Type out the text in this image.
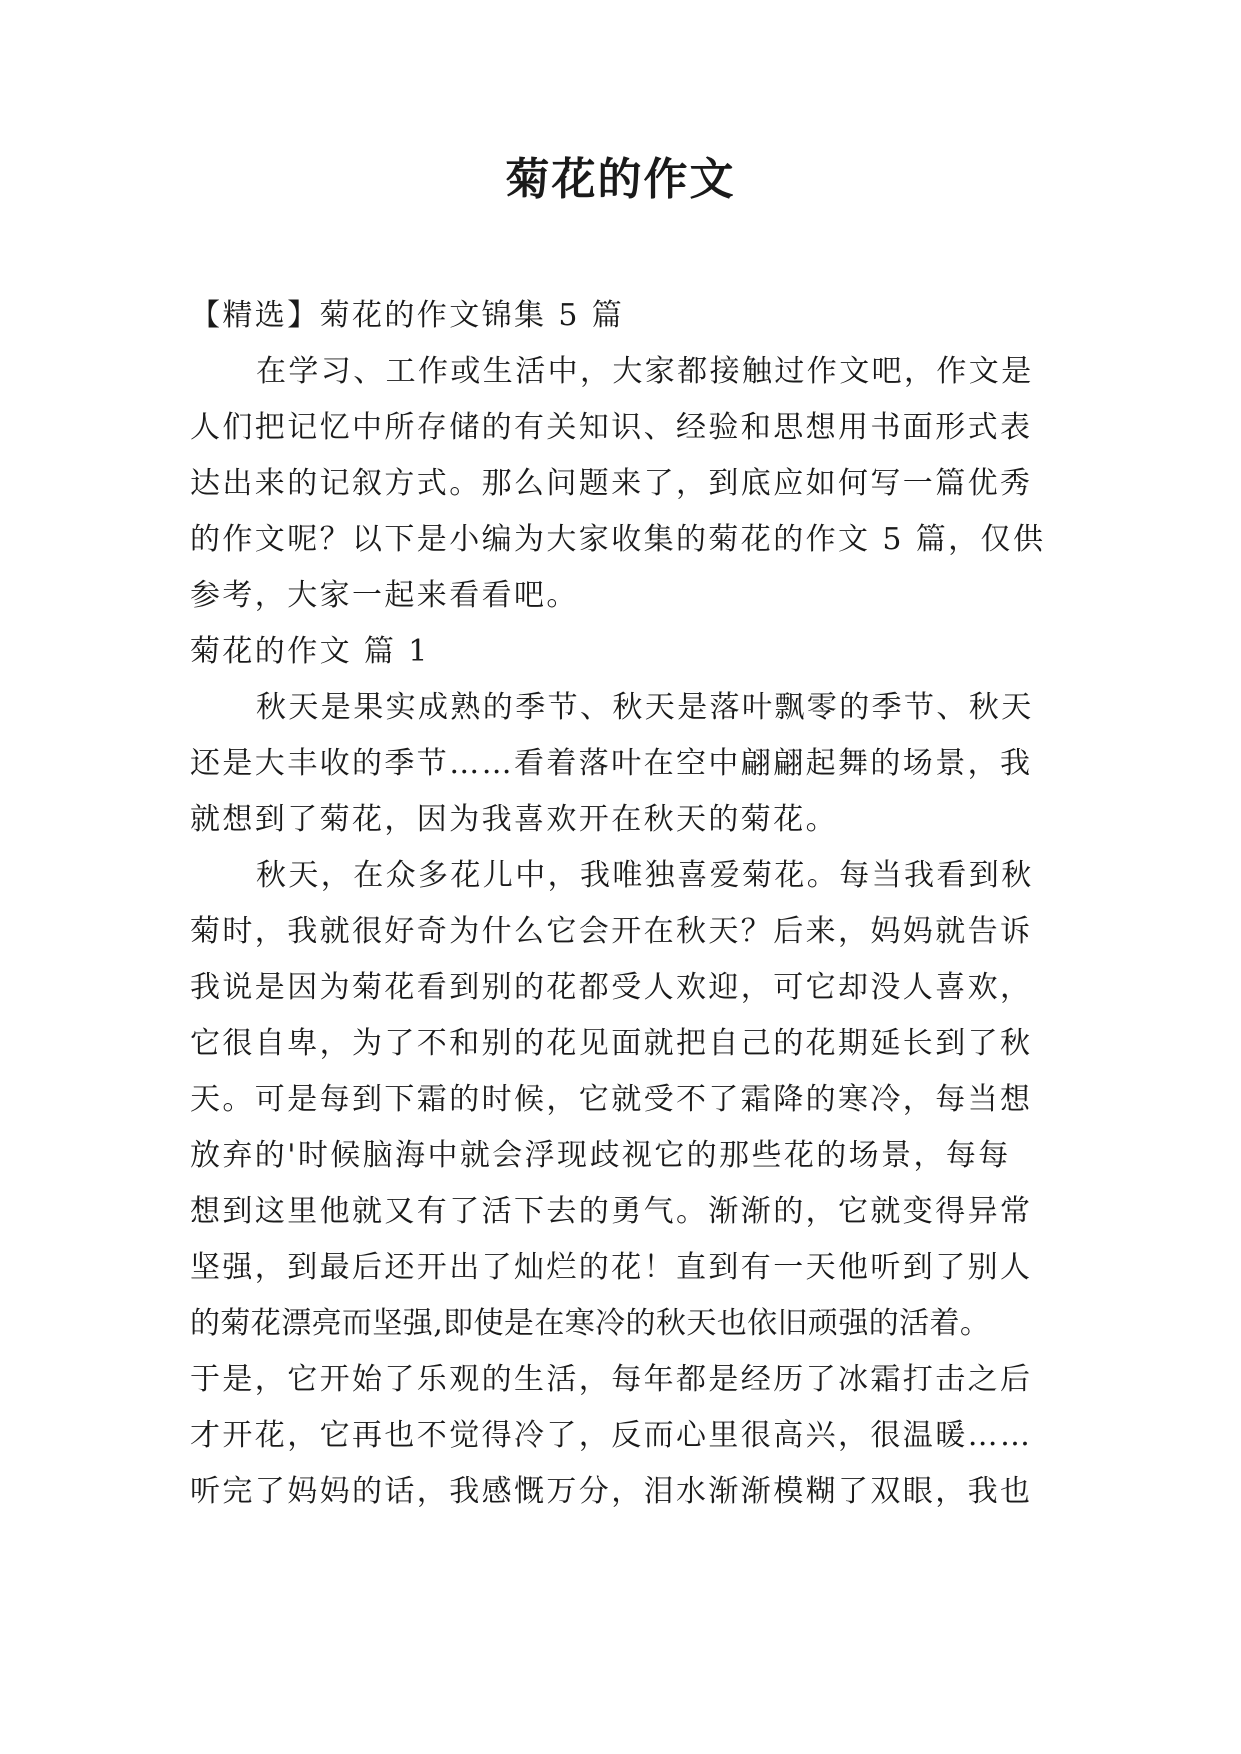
菊花的作文

【精选】菊花的作文锦集 5 篇

在学习、工作或生活中，大家都接触过作文吧，作文是

人们把记忆中所存储的有关知识、经验和思想用书面形式表

达出来的记叙方式。那么问题来了，到底应如何写一篇优秀

的作文呢？以下是小编为大家收集的菊花的作文 5 篇，仅供

参考，大家一起来看看吧。

菊花的作文 篇 1

秋天是果实成熟的季节、秋天是落叶飘零的季节、秋天

还是大丰收的季节……看着落叶在空中翩翩起舞的场景，我

就想到了菊花，因为我喜欢开在秋天的菊花。

秋天，在众多花儿中，我唯独喜爱菊花。每当我看到秋

菊时，我就很好奇为什么它会开在秋天？后来，妈妈就告诉

我说是因为菊花看到别的花都受人欢迎，可它却没人喜欢，

它很自卑，为了不和别的花见面就把自己的花期延长到了秋

天。可是每到下霜的时候，它就受不了霜降的寒冷，每当想

放弃的'时候脑海中就会浮现歧视它的那些花的场景，每每

想到这里他就又有了活下去的勇气。渐渐的，它就变得异常

坚强，到最后还开出了灿烂的花！直到有一天他听到了别人

的菊花漂亮而坚强,即使是在寒冷的秋天也依旧顽强的活着。

于是，它开始了乐观的生活，每年都是经历了冰霜打击之后

才开花，它再也不觉得冷了，反而心里很高兴，很温暖……

听完了妈妈的话，我感慨万分，泪水渐渐模糊了双眼，我也
